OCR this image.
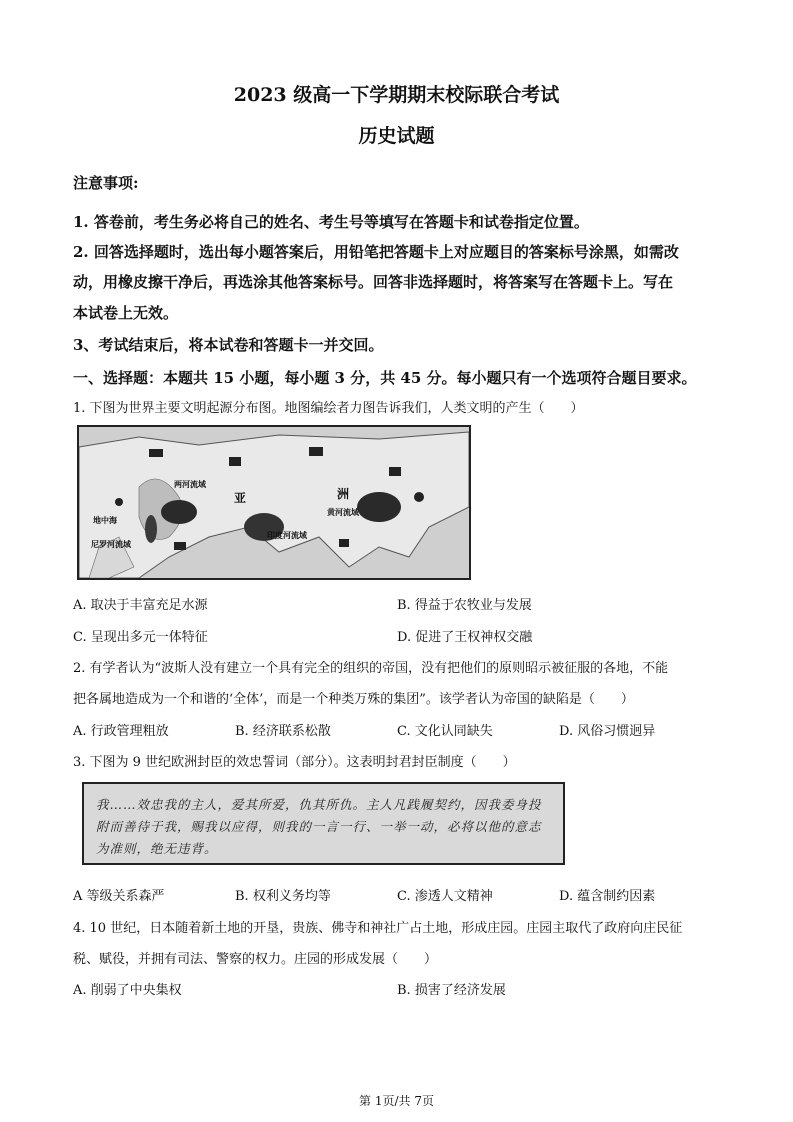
2023 级高一下学期期末校际联合考试
历史试题
注意事项:
1. 答卷前，考生务必将自己的姓名、考生号等填写在答题卡和试卷指定位置。
2. 回答选择题时，选出每小题答案后，用铅笔把答题卡上对应题目的答案标号涂黑，如需改
动，用橡皮擦干净后，再选涂其他答案标号。回答非选择题时，将答案写在答题卡上。写在
本试卷上无效。
3、考试结束后，将本试卷和答题卡一并交回。
一、选择题：本题共 15 小题，每小题 3 分，共 45 分。每小题只有一个选项符合题目要求。
1. 下图为世界主要文明起源分布图。地图编绘者力图告诉我们，人类文明的产生（　　）
尼罗河流域
两河流域
印度河流域
黄河流域
亚	洲
地中海
A. 取决于丰富充足水源	B. 得益于农牧业与发展
C. 呈现出多元一体特征	D. 促进了王权神权交融
2. 有学者认为“波斯人没有建立一个具有完全的组织的帝国，没有把他们的原则昭示被征服的各地，不能
把各属地造成为一个和谐的‘全体’，而是一个种类万殊的集团”。该学者认为帝国的缺陷是（　　）
A. 行政管理粗放	B. 经济联系松散	C. 文化认同缺失	D. 风俗习惯迥异
3. 下图为 9 世纪欧洲封臣的效忠誓词（部分）。这表明封君封臣制度（　　）
我……效忠我的主人，爱其所爱，仇其所仇。主人凡践履契约，因我委身投附而善待于我，赐我以应得，则我的一言一行、一举一动，必将以他的意志为准则，绝无违背。
A 等级关系森严	B. 权利义务均等	C. 渗透人文精神	D. 蕴含制约因素
4. 10 世纪，日本随着新土地的开垦，贵族、佛寺和神社广占土地，形成庄园。庄园主取代了政府向庄民征
税、赋役，并拥有司法、警察的权力。庄园的形成发展（　　）
A. 削弱了中央集权	B. 损害了经济发展
第 1页/共 7页
